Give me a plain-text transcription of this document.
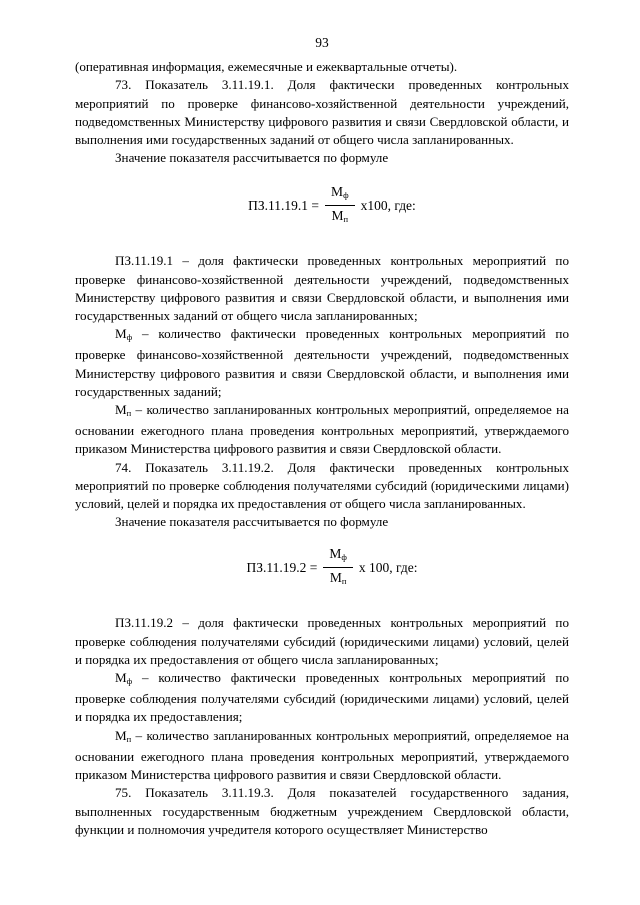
93

(оперативная информация, ежемесячные и ежеквартальные отчеты).

73. Показатель 3.11.19.1. Доля фактически проведенных контрольных мероприятий по проверке финансово-хозяйственной деятельности учреждений, подведомственных Министерству цифрового развития и связи Свердловской области, и выполнения ими государственных заданий от общего числа запланированных.

Значение показателя рассчитывается по формуле

$ПЗ.11.19.1 = \frac{М_ф}{М_п} х100$, где:

ПЗ.11.19.1 – доля фактически проведенных контрольных мероприятий по проверке финансово-хозяйственной деятельности учреждений, подведомственных Министерству цифрового развития и связи Свердловской области, и выполнения ими государственных заданий от общего числа запланированных;

$М_ф$ – количество фактически проведенных контрольных мероприятий по проверке финансово-хозяйственной деятельности учреждений, подведомственных Министерству цифрового развития и связи Свердловской области, и выполнения ими государственных заданий;

$М_п$ – количество запланированных контрольных мероприятий, определяемое на основании ежегодного плана проведения контрольных мероприятий, утверждаемого приказом Министерства цифрового развития и связи Свердловской области.

74. Показатель 3.11.19.2. Доля фактически проведенных контрольных мероприятий по проверке соблюдения получателями субсидий (юридическими лицами) условий, целей и порядка их предоставления от общего числа запланированных.

Значение показателя рассчитывается по формуле

$ПЗ.11.19.2 = \frac{М_ф}{М_п}$ х 100, где:

ПЗ.11.19.2 – доля фактически проведенных контрольных мероприятий по проверке соблюдения получателями субсидий (юридическими лицами) условий, целей и порядка их предоставления от общего числа запланированных;

$М_ф$ – количество фактически проведенных контрольных мероприятий по проверке соблюдения получателями субсидий (юридическими лицами) условий, целей и порядка их предоставления;

$М_п$ – количество запланированных контрольных мероприятий, определяемое на основании ежегодного плана проведения контрольных мероприятий, утверждаемого приказом Министерства цифрового развития и связи Свердловской области.

75. Показатель 3.11.19.3. Доля показателей государственного задания, выполненных государственным бюджетным учреждением Свердловской области, функции и полномочия учредителя которого осуществляет Министерство
